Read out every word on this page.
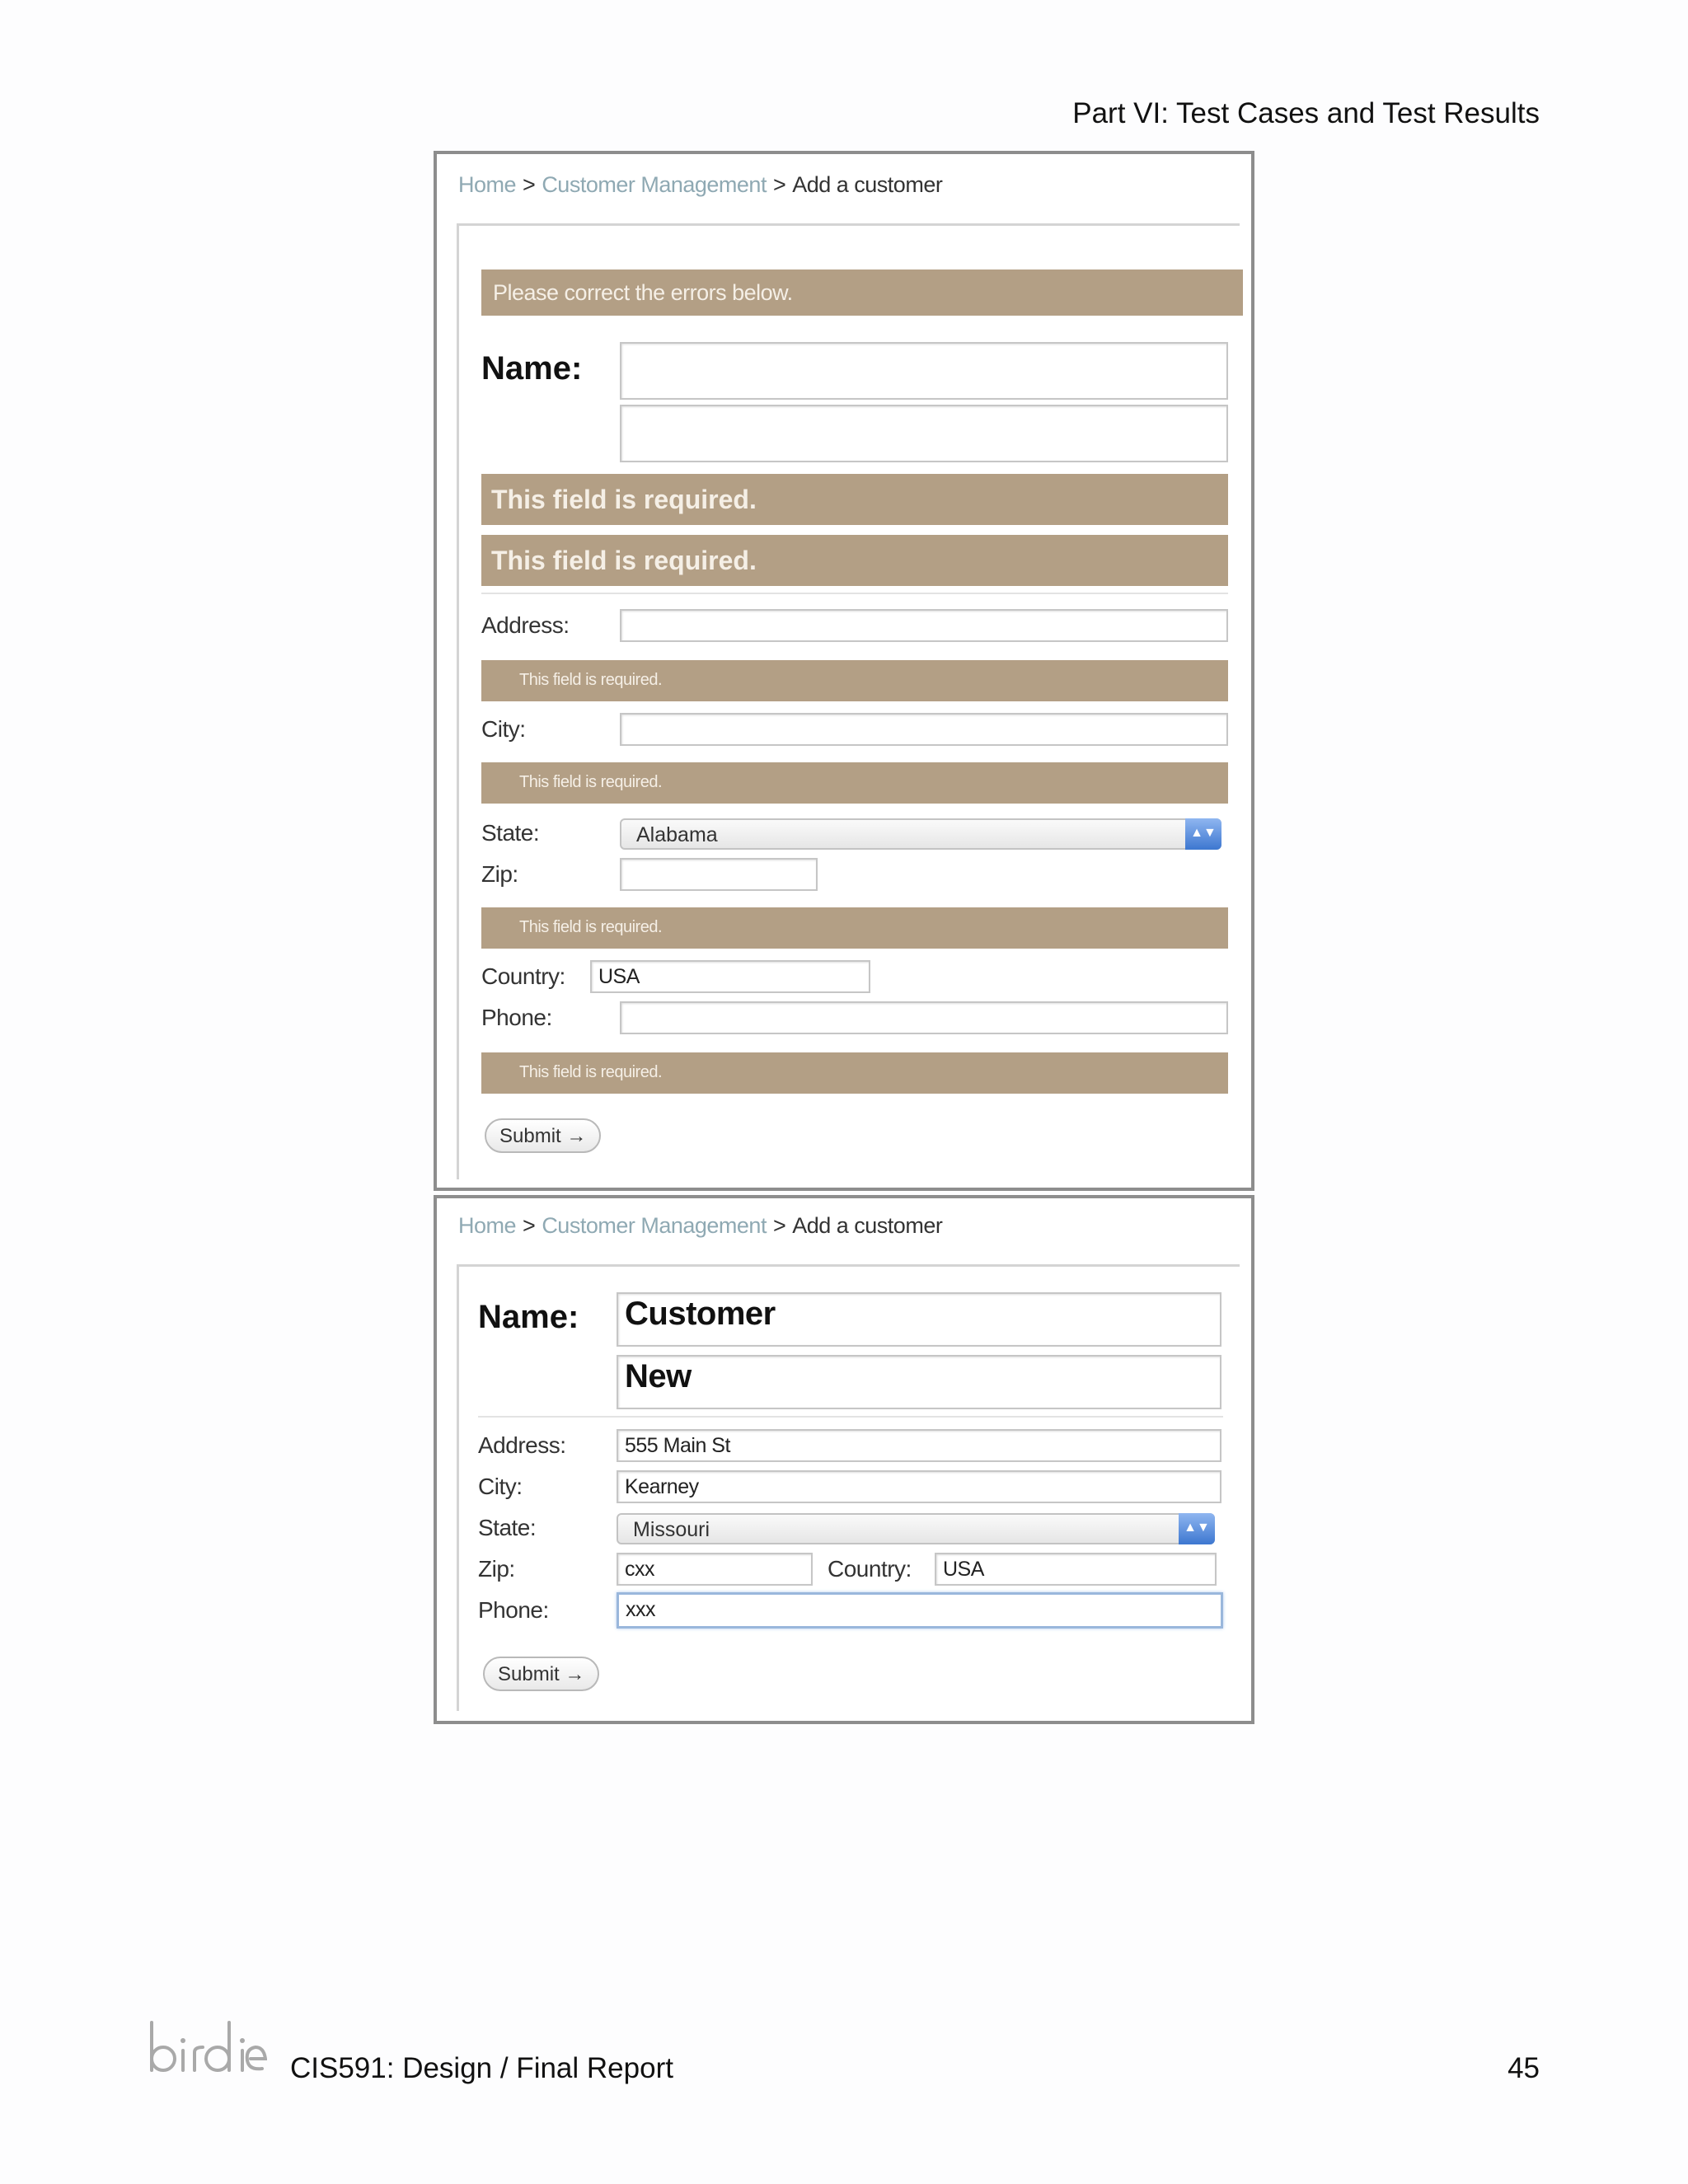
Part VI: Test Cases and Test Results
Home > Customer Management > Add a customer
Please correct the errors below.
Name:
This field is required.
This field is required.
Address:
This field is required.
City:
This field is required.
State:	Alabama	▲▼
Zip:
This field is required.
Country:	USA
Phone:
This field is required.
Submit →
Home > Customer Management > Add a customer
Name: Customer
New
Address:	555 Main St
City:	Kearney
State:	Missouri	▲▼
Zip:	cxx	Country:	USA
Phone:	xxx
Submit →
CIS591: Design / Final Report	45
